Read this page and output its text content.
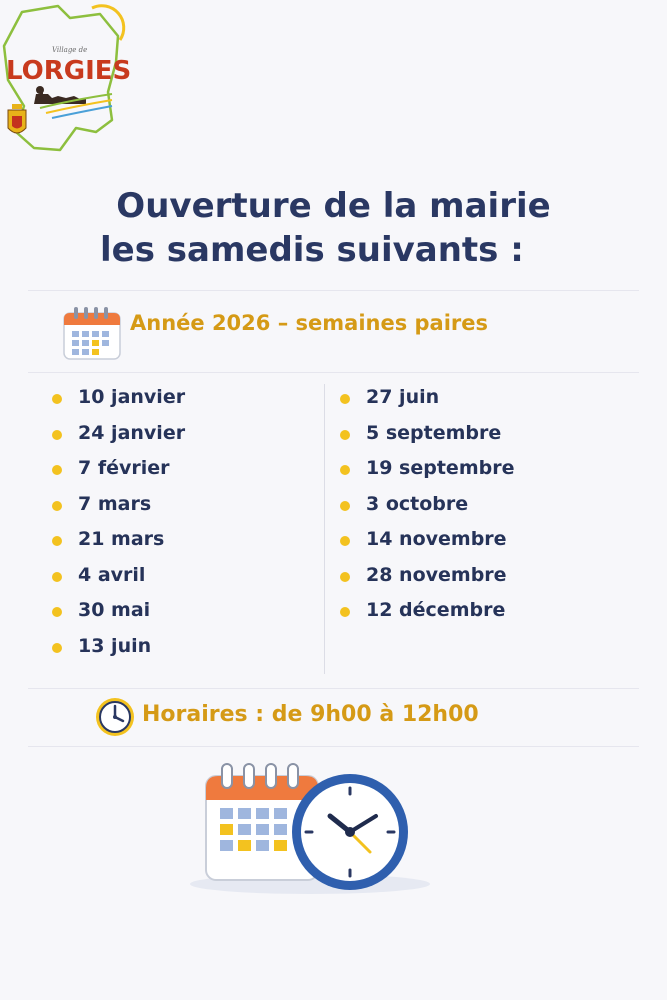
Village de
LORGIES
Ouverture de la mairie
les samedis suivants :
Année 2026 – semaines paires
10 janvier
24 janvier
7 février
7 mars
21 mars
4 avril
30 mai
13 juin
27 juin
5 septembre
19 septembre
3 octobre
14 novembre
28 novembre
12 décembre
Horaires : de 9h00 à 12h00
